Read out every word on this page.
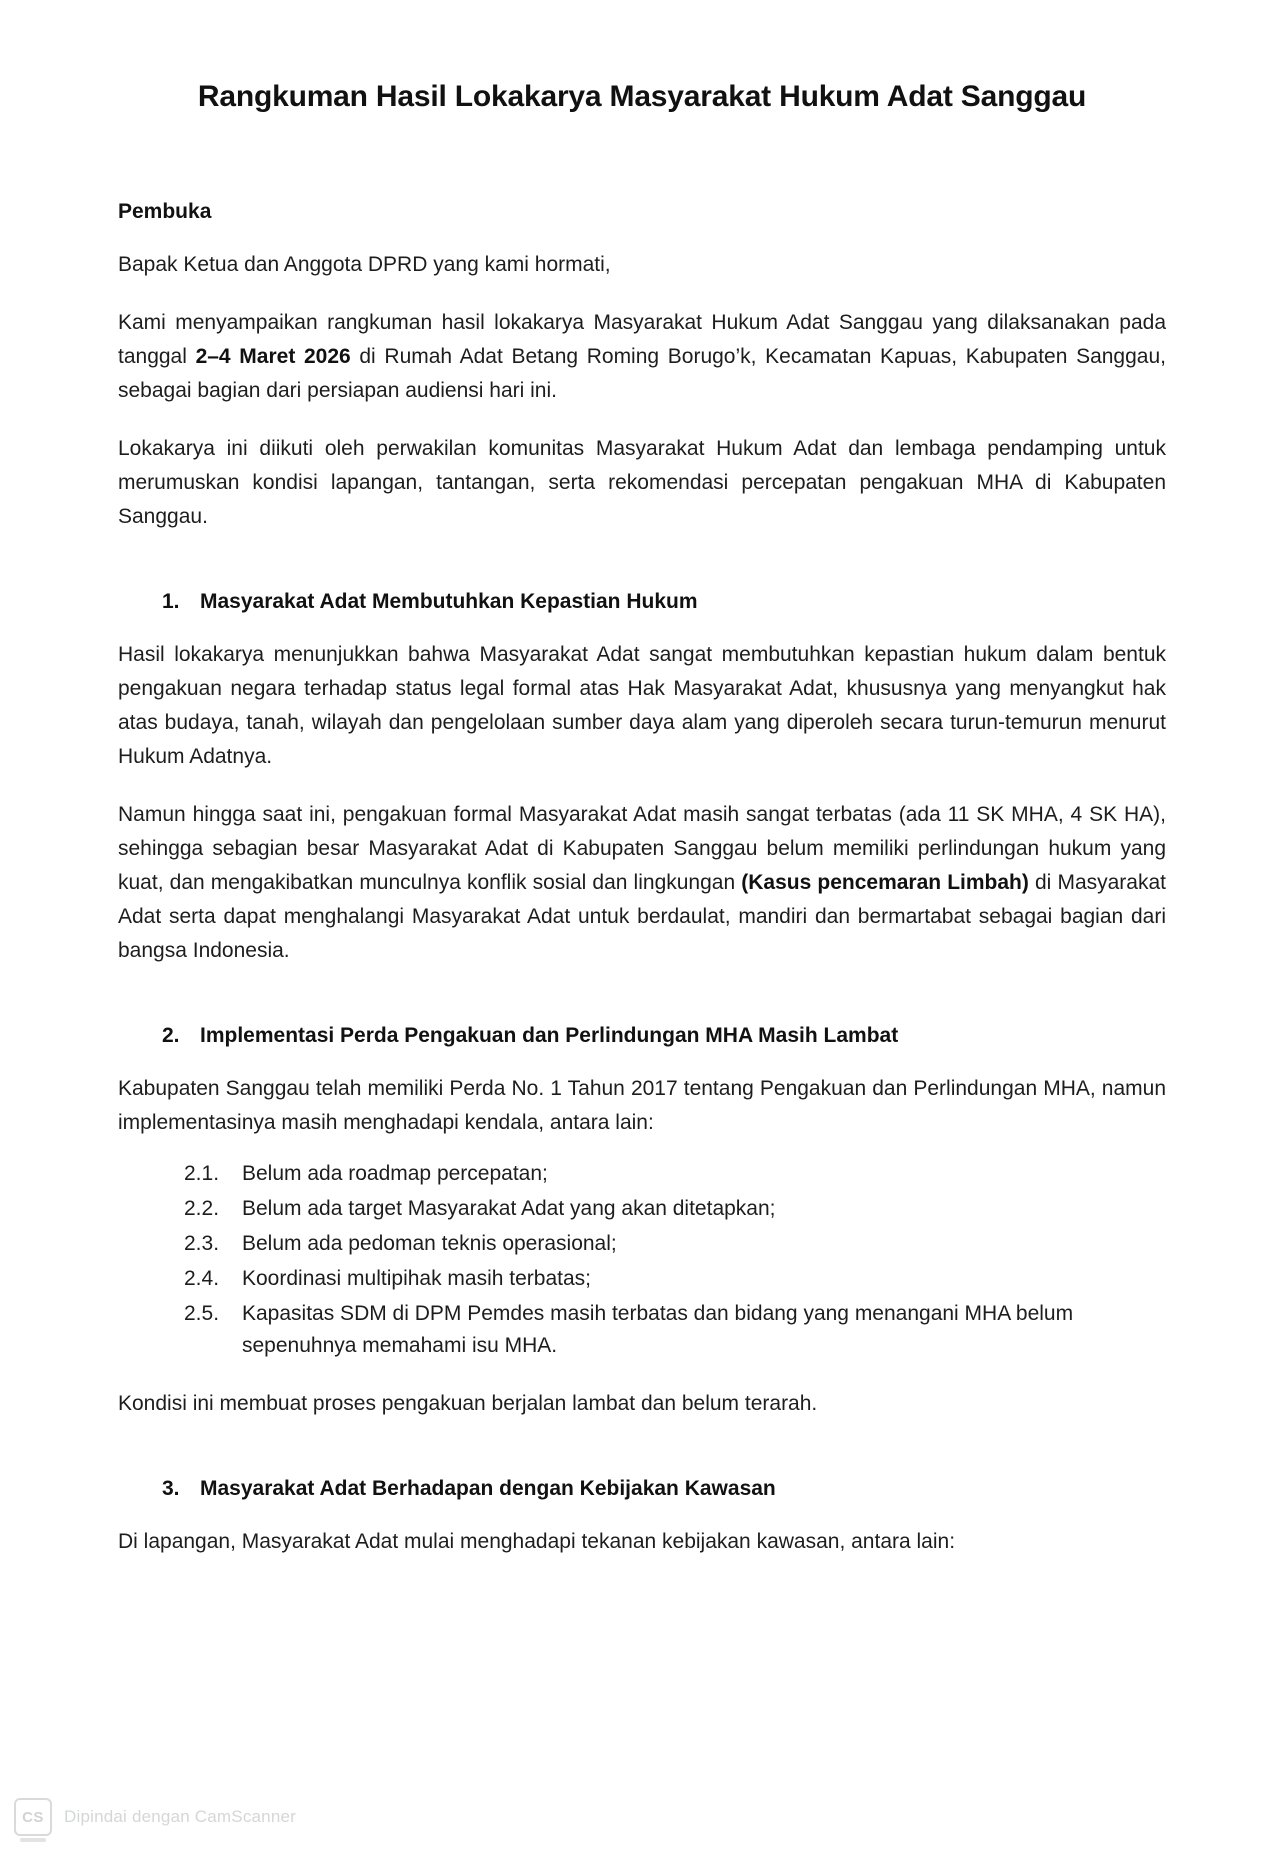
Rangkuman Hasil Lokakarya Masyarakat Hukum Adat Sanggau
Pembuka

Bapak Ketua dan Anggota DPRD yang kami hormati,

Kami menyampaikan rangkuman hasil lokakarya Masyarakat Hukum Adat Sanggau yang dilaksanakan pada tanggal 2–4 Maret 2026 di Rumah Adat Betang Roming Borugo’k, Kecamatan Kapuas, Kabupaten Sanggau, sebagai bagian dari persiapan audiensi hari ini.

Lokakarya ini diikuti oleh perwakilan komunitas Masyarakat Hukum Adat dan lembaga pendamping untuk merumuskan kondisi lapangan, tantangan, serta rekomendasi percepatan pengakuan MHA di Kabupaten Sanggau.

1. Masyarakat Adat Membutuhkan Kepastian Hukum

Hasil lokakarya menunjukkan bahwa Masyarakat Adat sangat membutuhkan kepastian hukum dalam bentuk pengakuan negara terhadap status legal formal atas Hak Masyarakat Adat, khususnya yang menyangkut hak atas budaya, tanah, wilayah dan pengelolaan sumber daya alam yang diperoleh secara turun-temurun menurut Hukum Adatnya.

Namun hingga saat ini, pengakuan formal Masyarakat Adat masih sangat terbatas (ada 11 SK MHA, 4 SK HA), sehingga sebagian besar Masyarakat Adat di Kabupaten Sanggau belum memiliki perlindungan hukum yang kuat, dan mengakibatkan munculnya konflik sosial dan lingkungan (Kasus pencemaran Limbah) di Masyarakat Adat serta dapat menghalangi Masyarakat Adat untuk berdaulat, mandiri dan bermartabat sebagai bagian dari bangsa Indonesia.

2. Implementasi Perda Pengakuan dan Perlindungan MHA Masih Lambat

Kabupaten Sanggau telah memiliki Perda No. 1 Tahun 2017 tentang Pengakuan dan Perlindungan MHA, namun implementasinya masih menghadapi kendala, antara lain:

2.1.	Belum ada roadmap percepatan;
2.2.	Belum ada target Masyarakat Adat yang akan ditetapkan;
2.3.	Belum ada pedoman teknis operasional;
2.4.	Koordinasi multipihak masih terbatas;
2.5.	Kapasitas SDM di DPM Pemdes masih terbatas dan bidang yang menangani MHA belum sepenuhnya memahami isu MHA.

Kondisi ini membuat proses pengakuan berjalan lambat dan belum terarah.

3. Masyarakat Adat Berhadapan dengan Kebijakan Kawasan

Di lapangan, Masyarakat Adat mulai menghadapi tekanan kebijakan kawasan, antara lain:

CS	Dipindai dengan CamScanner
